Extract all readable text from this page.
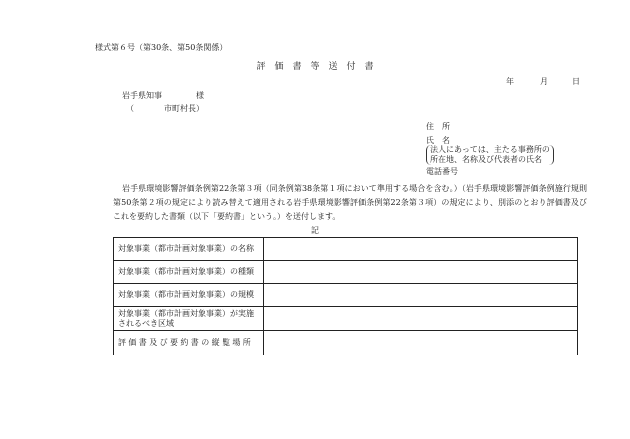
様式第６号（第30条、第50条関係）
評　価　書　等　送　付　書
年	月	日
岩手県知事	様
（	市町村長）
住　所
氏　名
法人にあっては、主たる事務所の
所在地、名称及び代表者の氏名
電話番号
岩手県環境影響評価条例第22条第３項（同条例第38条第１項において準用する場合を含む。）（岩手県環境影響評価条例施行規則第50条第２項の規定により読み替えて適用される岩手県環境影響評価条例第22条第３項）の規定により、別添のとおり評価書及びこれを要約した書類（以下「要約書」という。）を送付します。
記
対象事業（都市計画対象事業）の名称	
対象事業（都市計画対象事業）の種類	
対象事業（都市計画対象事業）の規模	
対象事業（都市計画対象事業）が実施されるべき区域	
評価書及び要約書の縦覧場所	
